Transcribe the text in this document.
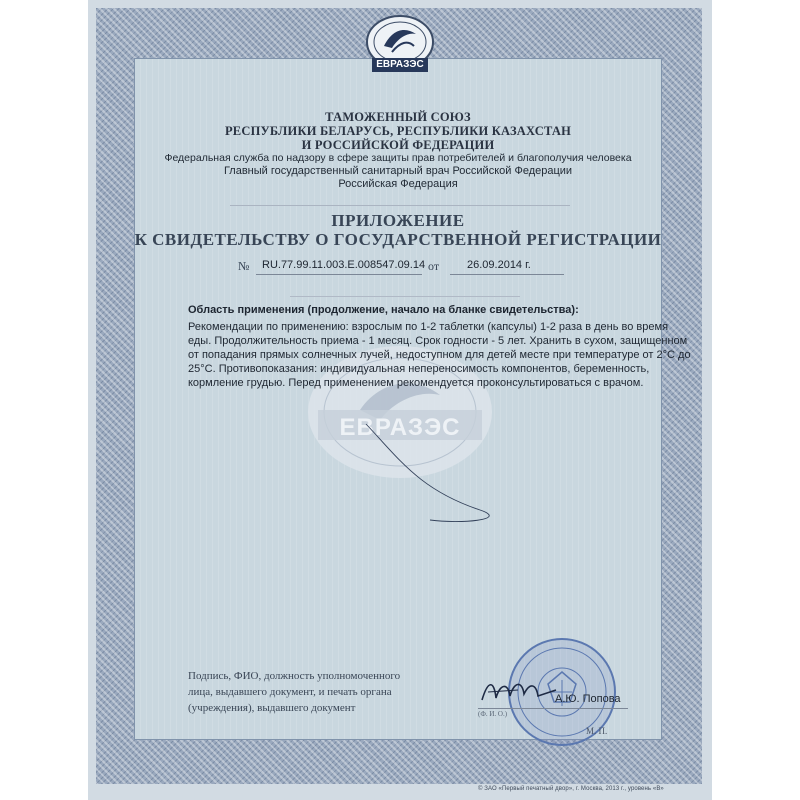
ЕВРАЗЭС

ТАМОЖЕННЫЙ СОЮЗ

РЕСПУБЛИКИ БЕЛАРУСЬ, РЕСПУБЛИКИ КАЗАХСТАН

И РОССИЙСКОЙ ФЕДЕРАЦИИ

Федеральная служба по надзору в сфере защиты прав потребителей и благополучия человека

Главный государственный санитарный врач Российской Федерации

Российская Федерация

ПРИЛОЖЕНИЕ

К СВИДЕТЕЛЬСТВУ О ГОСУДАРСТВЕННОЙ РЕГИСТРАЦИИ

№ RU.77.99.11.003.E.008547.09.14 от	26.09.2014 г.

ЕВРАЗЭС

Область применения (продолжение, начало на бланке свидетельства):

Рекомендации по применению: взрослым по 1-2 таблетки (капсулы) 1-2 раза в день во время

еды. Продолжительность приема - 1 месяц. Срок годности - 5 лет. Хранить в сухом, защищенном

от попадания прямых солнечных лучей, недоступном для детей месте при температуре от 2°C до

25°C. Противопоказания: индивидуальная непереносимость компонентов, беременность,

кормление грудью. Перед применением рекомендуется проконсультироваться с врачом.

Подпись, ФИО, должность уполномоченного

лица, выдавшего документ, и печать органа

(учреждения), выдавшего документ

А.Ю. Попова

(Ф. И. О.)

М. П.

© ЗАО «Первый печатный двор», г. Москва, 2013 г., уровень «В»
